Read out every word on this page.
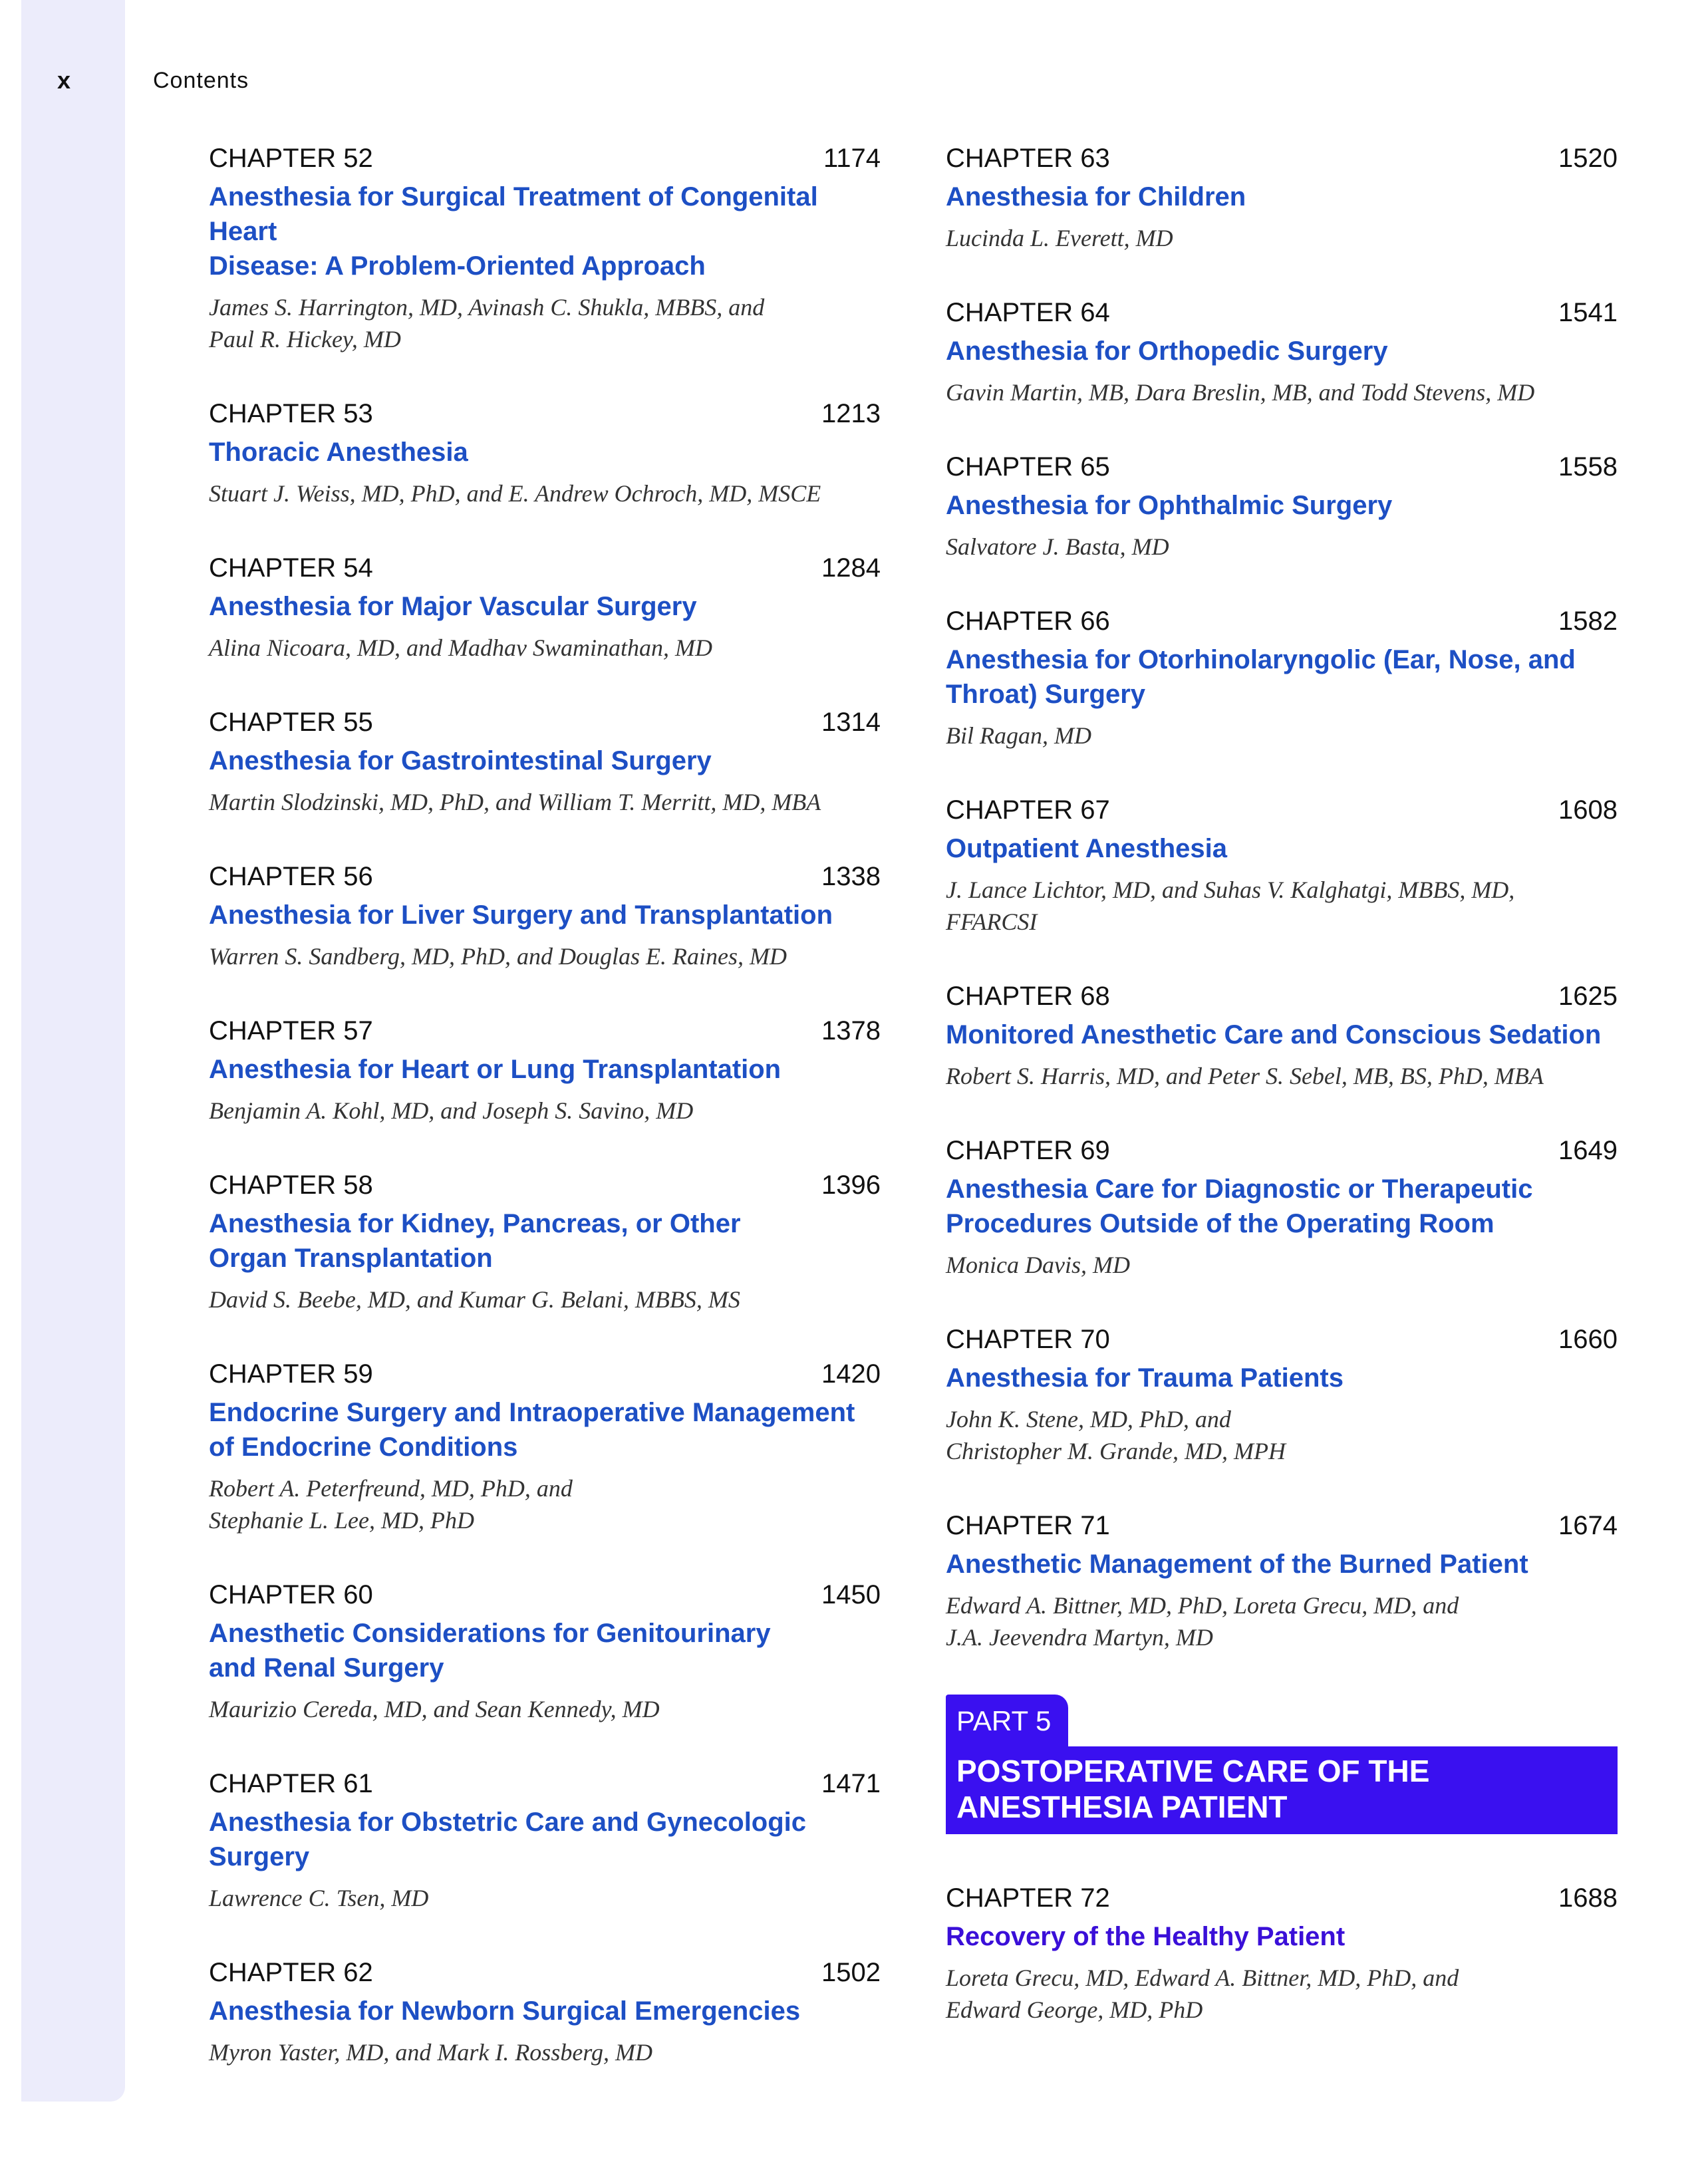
x	Contents
CHAPTER 52	1174
Anesthesia for Surgical Treatment of Congenital Heart
Disease: A Problem-Oriented Approach
James S. Harrington, MD, Avinash C. Shukla, MBBS, and
Paul R. Hickey, MD
CHAPTER 53	1213
Thoracic Anesthesia
Stuart J. Weiss, MD, PhD, and E. Andrew Ochroch, MD, MSCE
CHAPTER 54	1284
Anesthesia for Major Vascular Surgery
Alina Nicoara, MD, and Madhav Swaminathan, MD
CHAPTER 55	1314
Anesthesia for Gastrointestinal Surgery
Martin Slodzinski, MD, PhD, and William T. Merritt, MD, MBA
CHAPTER 56	1338
Anesthesia for Liver Surgery and Transplantation
Warren S. Sandberg, MD, PhD, and Douglas E. Raines, MD
CHAPTER 57	1378
Anesthesia for Heart or Lung Transplantation
Benjamin A. Kohl, MD, and Joseph S. Savino, MD
CHAPTER 58	1396
Anesthesia for Kidney, Pancreas, or Other
Organ Transplantation
David S. Beebe, MD, and Kumar G. Belani, MBBS, MS
CHAPTER 59	1420
Endocrine Surgery and Intraoperative Management
of Endocrine Conditions
Robert A. Peterfreund, MD, PhD, and
Stephanie L. Lee, MD, PhD
CHAPTER 60	1450
Anesthetic Considerations for Genitourinary
and Renal Surgery
Maurizio Cereda, MD, and Sean Kennedy, MD
CHAPTER 61	1471
Anesthesia for Obstetric Care and Gynecologic Surgery
Lawrence C. Tsen, MD
CHAPTER 62	1502
Anesthesia for Newborn Surgical Emergencies
Myron Yaster, MD, and Mark I. Rossberg, MD
CHAPTER 63	1520
Anesthesia for Children
Lucinda L. Everett, MD
CHAPTER 64	1541
Anesthesia for Orthopedic Surgery
Gavin Martin, MB, Dara Breslin, MB, and Todd Stevens, MD
CHAPTER 65	1558
Anesthesia for Ophthalmic Surgery
Salvatore J. Basta, MD
CHAPTER 66	1582
Anesthesia for Otorhinolaryngolic (Ear, Nose, and
Throat) Surgery
Bil Ragan, MD
CHAPTER 67	1608
Outpatient Anesthesia
J. Lance Lichtor, MD, and Suhas V. Kalghatgi, MBBS, MD,
FFARCSI
CHAPTER 68	1625
Monitored Anesthetic Care and Conscious Sedation
Robert S. Harris, MD, and Peter S. Sebel, MB, BS, PhD, MBA
CHAPTER 69	1649
Anesthesia Care for Diagnostic or Therapeutic
Procedures Outside of the Operating Room
Monica Davis, MD
CHAPTER 70	1660
Anesthesia for Trauma Patients
John K. Stene, MD, PhD, and
Christopher M. Grande, MD, MPH
CHAPTER 71	1674
Anesthetic Management of the Burned Patient
Edward A. Bittner, MD, PhD, Loreta Grecu, MD, and
J.A. Jeevendra Martyn, MD
PART 5
POSTOPERATIVE CARE OF THE
ANESTHESIA PATIENT
CHAPTER 72	1688
Recovery of the Healthy Patient
Loreta Grecu, MD, Edward A. Bittner, MD, PhD, and
Edward George, MD, PhD
